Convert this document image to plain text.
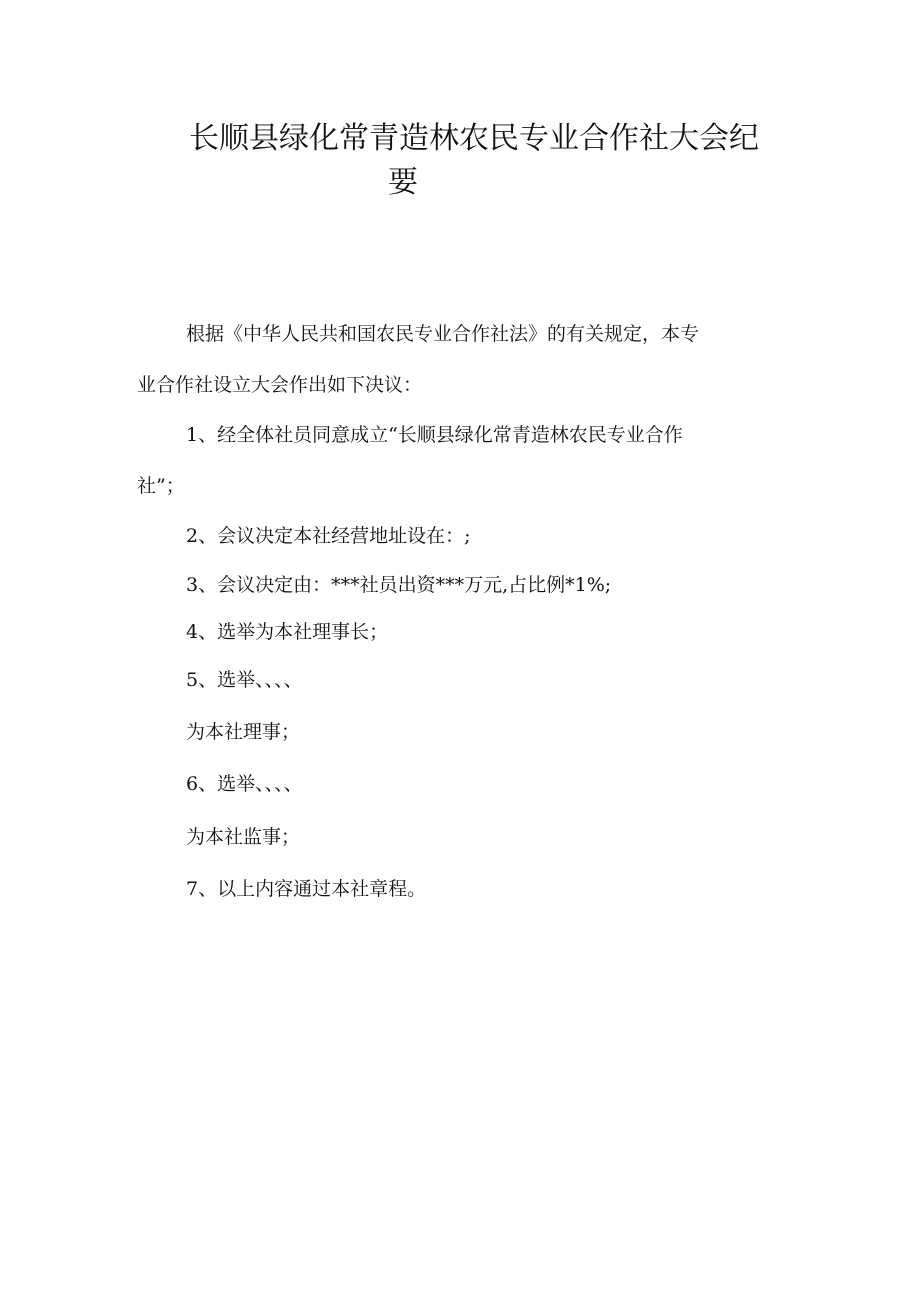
长顺县绿化常青造林农民专业合作社大会纪
要
根据《中华人民共和国农民专业合作社法》的有关规定，本专
业合作社设立大会作出如下决议：
1、经全体社员同意成立“长顺县绿化常青造林农民专业合作
社”；
2、会议决定本社经营地址设在：;
3、会议决定由：***社员出资***万元,占比例*1%;
4、选举为本社理事长；
5、选举、、、、
为本社理事；
6、选举、、、、
为本社监事；
7、以上内容通过本社章程。
